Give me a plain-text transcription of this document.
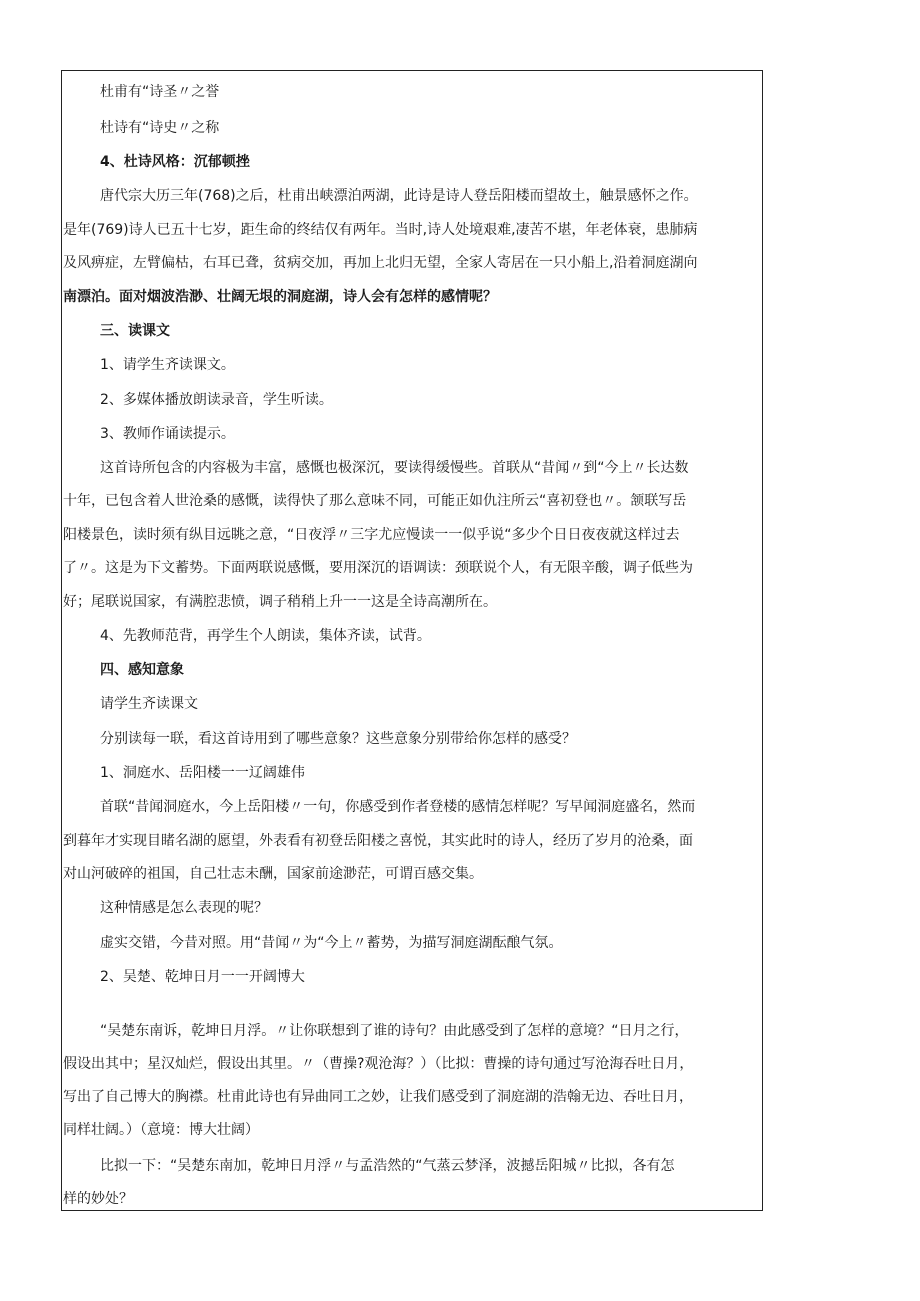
杜甫有“诗圣〃之誉
杜诗有“诗史〃之称
4、杜诗风格：沉郁顿挫
唐代宗大历三年(768)之后，杜甫出峡漂泊两湖，此诗是诗人登岳阳楼而望故土，触景感怀之作。
是年(769)诗人已五十七岁，距生命的终结仅有两年。当时,诗人处境艰难,凄苦不堪，年老体衰，患肺病
及风痹症，左臂偏枯，右耳已聋，贫病交加，再加上北归无望，全家人寄居在一只小船上,沿着洞庭湖向
南漂泊。面对烟波浩渺、壮阔无垠的洞庭湖，诗人会有怎样的感情呢？
三、读课文
1、请学生齐读课文。
2、多媒体播放朗读录音，学生听读。
3、教师作诵读提示。
这首诗所包含的内容极为丰富，感慨也极深沉，要读得缓慢些。首联从“昔闻〃到“今上〃长达数
十年，已包含着人世沧桑的感慨，读得快了那么意味不同，可能正如仇注所云“喜初登也〃。颔联写岳
阳楼景色，读时须有纵目远眺之意，“日夜浮〃三字尤应慢读一一似乎说“多少个日日夜夜就这样过去
了〃。这是为下文蓄势。下面两联说感慨，要用深沉的语调读：颈联说个人，有无限辛酸，调子低些为
好；尾联说国家，有满腔悲愤，调子稍稍上升一一这是全诗高潮所在。
4、先教师范背，再学生个人朗读，集体齐读，试背。
四、感知意象
请学生齐读课文
分别读每一联，看这首诗用到了哪些意象？这些意象分别带给你怎样的感受？
1、洞庭水、岳阳楼一一辽阔雄伟
首联“昔闻洞庭水，今上岳阳楼〃一句，你感受到作者登楼的感情怎样呢？写早闻洞庭盛名，然而
到暮年才实现目睹名湖的愿望，外表看有初登岳阳楼之喜悦，其实此时的诗人，经历了岁月的沧桑，面
对山河破碎的祖国，自己壮志未酬，国家前途渺茫，可谓百感交集。
这种情感是怎么表现的呢？
虚实交错，今昔对照。用“昔闻〃为“今上〃蓄势，为描写洞庭湖酝酿气氛。
2、吴楚、乾坤日月一一开阔博大
“吴楚东南诉，乾坤日月浮。〃让你联想到了谁的诗句？由此感受到了怎样的意境？“日月之行，
假设出其中；星汉灿烂，假设出其里。〃（曹操?观沧海？）（比拟：曹操的诗句通过写沧海吞吐日月，
写出了自己博大的胸襟。杜甫此诗也有异曲同工之妙，让我们感受到了洞庭湖的浩翰无边、吞吐日月，
同样壮阔。）（意境：博大壮阔）
比拟一下：“吴楚东南加，乾坤日月浮〃与孟浩然的“气蒸云梦泽，波撼岳阳城〃比拟，各有怎
样的妙处？
